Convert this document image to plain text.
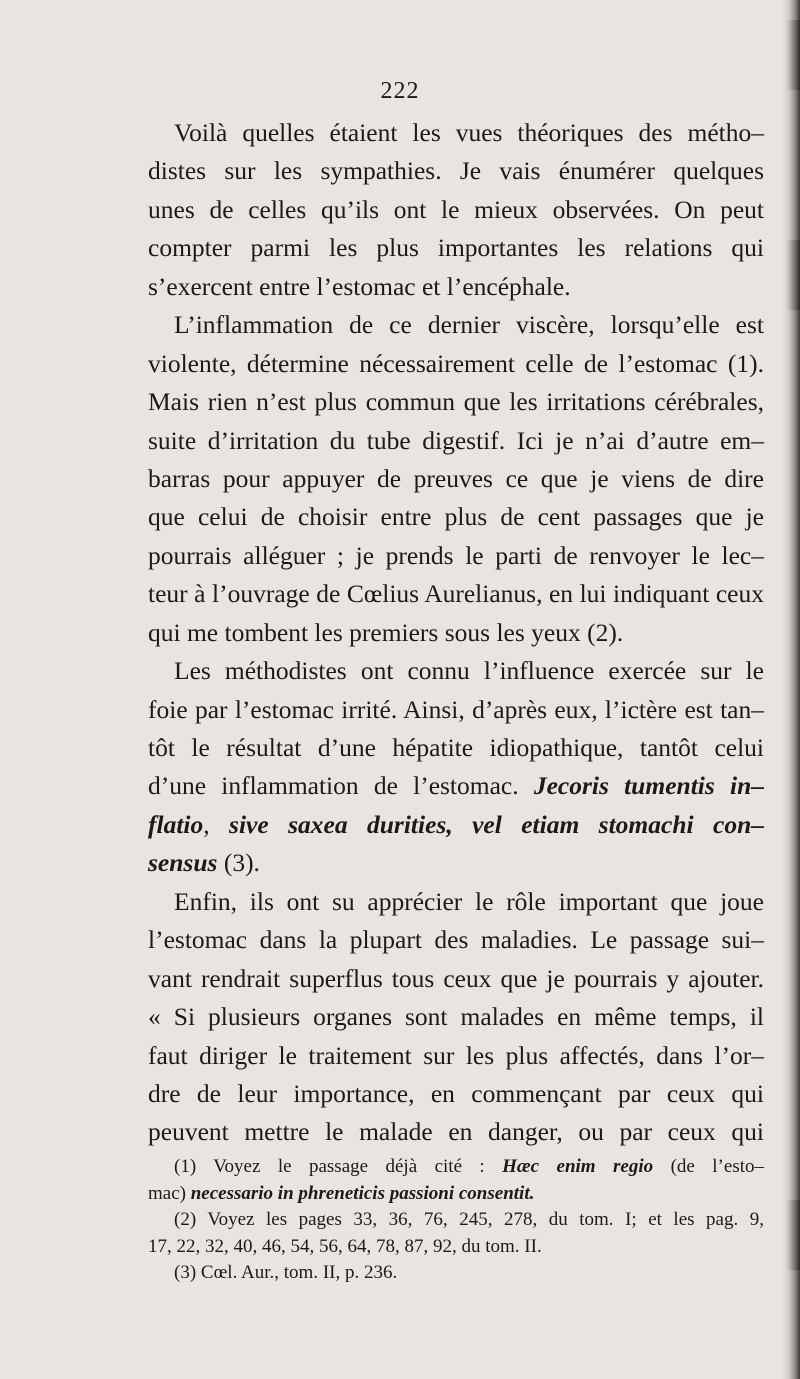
222
Voilà quelles étaient les vues théoriques des métho–
distes sur les sympathies. Je vais énumérer quelques
unes de celles qu’ils ont le mieux observées. On peut
compter parmi les plus importantes les relations qui
s’exercent entre l’estomac et l’encéphale.
L’inflammation de ce dernier viscère, lorsqu’elle est
violente, détermine nécessairement celle de l’estomac (1).
Mais rien n’est plus commun que les irritations cérébrales,
suite d’irritation du tube digestif. Ici je n’ai d’autre em–
barras pour appuyer de preuves ce que je viens de dire
que celui de choisir entre plus de cent passages que je
pourrais alléguer ; je prends le parti de renvoyer le lec–
teur à l’ouvrage de Cœlius Aurelianus, en lui indiquant ceux
qui me tombent les premiers sous les yeux (2).
Les méthodistes ont connu l’influence exercée sur le
foie par l’estomac irrité. Ainsi, d’après eux, l’ictère est tan–
tôt le résultat d’une hépatite idiopathique, tantôt celui
d’une inflammation de l’estomac. Jecoris tumentis in–
flatio, sive saxea durities, vel etiam stomachi con–
sensus (3).
Enfin, ils ont su apprécier le rôle important que joue
l’estomac dans la plupart des maladies. Le passage sui–
vant rendrait superflus tous ceux que je pourrais y ajouter.
« Si plusieurs organes sont malades en même temps, il
faut diriger le traitement sur les plus affectés, dans l’or–
dre de leur importance, en commençant par ceux qui
peuvent mettre le malade en danger, ou par ceux qui
(1) Voyez le passage déjà cité : Hæc enim regio (de l’esto–
mac) necessario in phreneticis passioni consentit.
(2) Voyez les pages 33, 36, 76, 245, 278, du tom. I; et les pag. 9,
17, 22, 32, 40, 46, 54, 56, 64, 78, 87, 92, du tom. II.
(3) Cœl. Aur., tom. II, p. 236.
